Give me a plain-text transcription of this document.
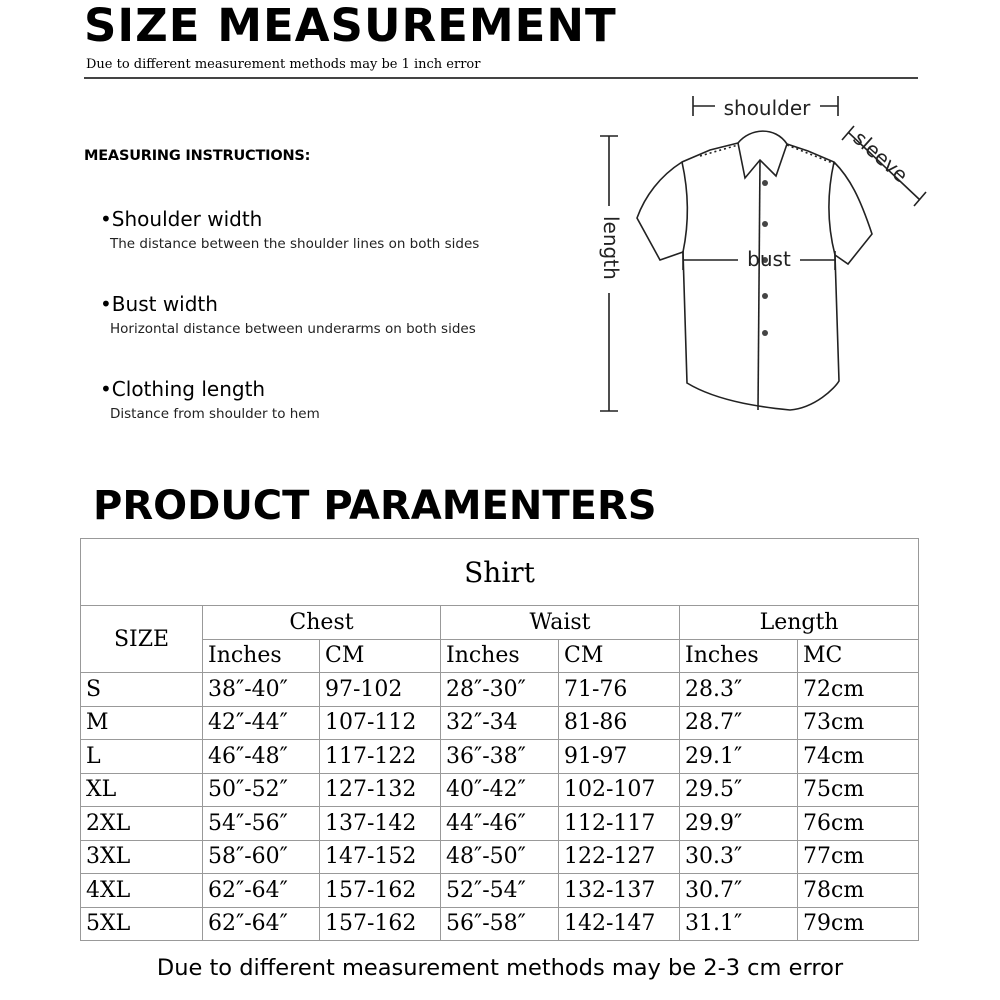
SIZE MEASUREMENT
Due to different measurement methods may be 1 inch error
MEASURING INSTRUCTIONS:
•Shoulder width
The distance between the shoulder lines on both sides
•Bust width
Horizontal distance between underarms on both sides
•Clothing length
Distance from shoulder to hem
shoulder
sleeve
length	bust
PRODUCT PARAMENTERS
Shirt						
SIZE	Chest		Waist		Length	
	Inches	CM	Inches	CM	Inches	MC
S	38″-40″	97-102	28″-30″	71-76	28.3″	72cm
M	42″-44″	107-112	32″-34	81-86	28.7″	73cm
L	46″-48″	117-122	36″-38″	91-97	29.1″	74cm
XL	50″-52″	127-132	40″-42″	102-107	29.5″	75cm
2XL	54″-56″	137-142	44″-46″	112-117	29.9″	76cm
3XL	58″-60″	147-152	48″-50″	122-127	30.3″	77cm
4XL	62″-64″	157-162	52″-54″	132-137	30.7″	78cm
5XL	62″-64″	157-162	56″-58″	142-147	31.1″	79cm
Due to different measurement methods may be 2-3 cm error
